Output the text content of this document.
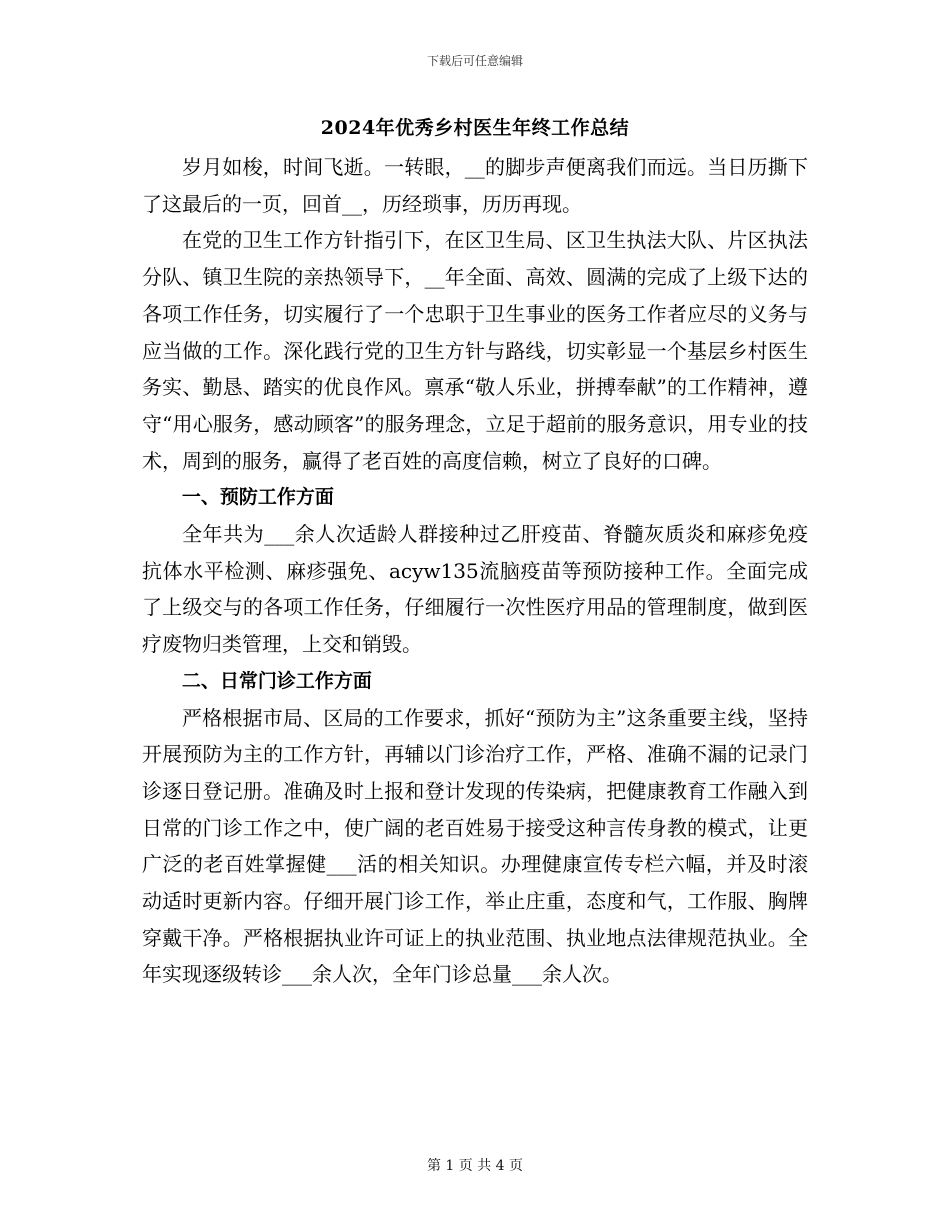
下载后可任意编辑
2024年优秀乡村医生年终工作总结

岁月如梭，时间飞逝。一转眼，__的脚步声便离我们而远。当日历撕下了这最后的一页，回首__，历经琐事，历历再现。

在党的卫生工作方针指引下，在区卫生局、区卫生执法大队、片区执法分队、镇卫生院的亲热领导下，__年全面、高效、圆满的完成了上级下达的各项工作任务，切实履行了一个忠职于卫生事业的医务工作者应尽的义务与应当做的工作。深化践行党的卫生方针与路线，切实彰显一个基层乡村医生务实、勤恳、踏实的优良作风。禀承“敬人乐业，拼搏奉献”的工作精神，遵守“用心服务，感动顾客”的服务理念，立足于超前的服务意识，用专业的技术，周到的服务，赢得了老百姓的高度信赖，树立了良好的口碑。

一、预防工作方面

全年共为___余人次适龄人群接种过乙肝疫苗、脊髓灰质炎和麻疹免疫抗体水平检测、麻疹强免、acyw135流脑疫苗等预防接种工作。全面完成了上级交与的各项工作任务，仔细履行一次性医疗用品的管理制度，做到医疗废物归类管理，上交和销毁。

二、日常门诊工作方面

严格根据市局、区局的工作要求，抓好“预防为主”这条重要主线，坚持开展预防为主的工作方针，再辅以门诊治疗工作，严格、准确不漏的记录门诊逐日登记册。准确及时上报和登计发现的传染病，把健康教育工作融入到日常的门诊工作之中，使广阔的老百姓易于接受这种言传身教的模式，让更广泛的老百姓掌握健___活的相关知识。办理健康宣传专栏六幅，并及时滚动适时更新内容。仔细开展门诊工作，举止庄重，态度和气，工作服、胸牌穿戴干净。严格根据执业许可证上的执业范围、执业地点法律规范执业。全年实现逐级转诊___余人次，全年门诊总量___余人次。

第 1 页 共 4 页
